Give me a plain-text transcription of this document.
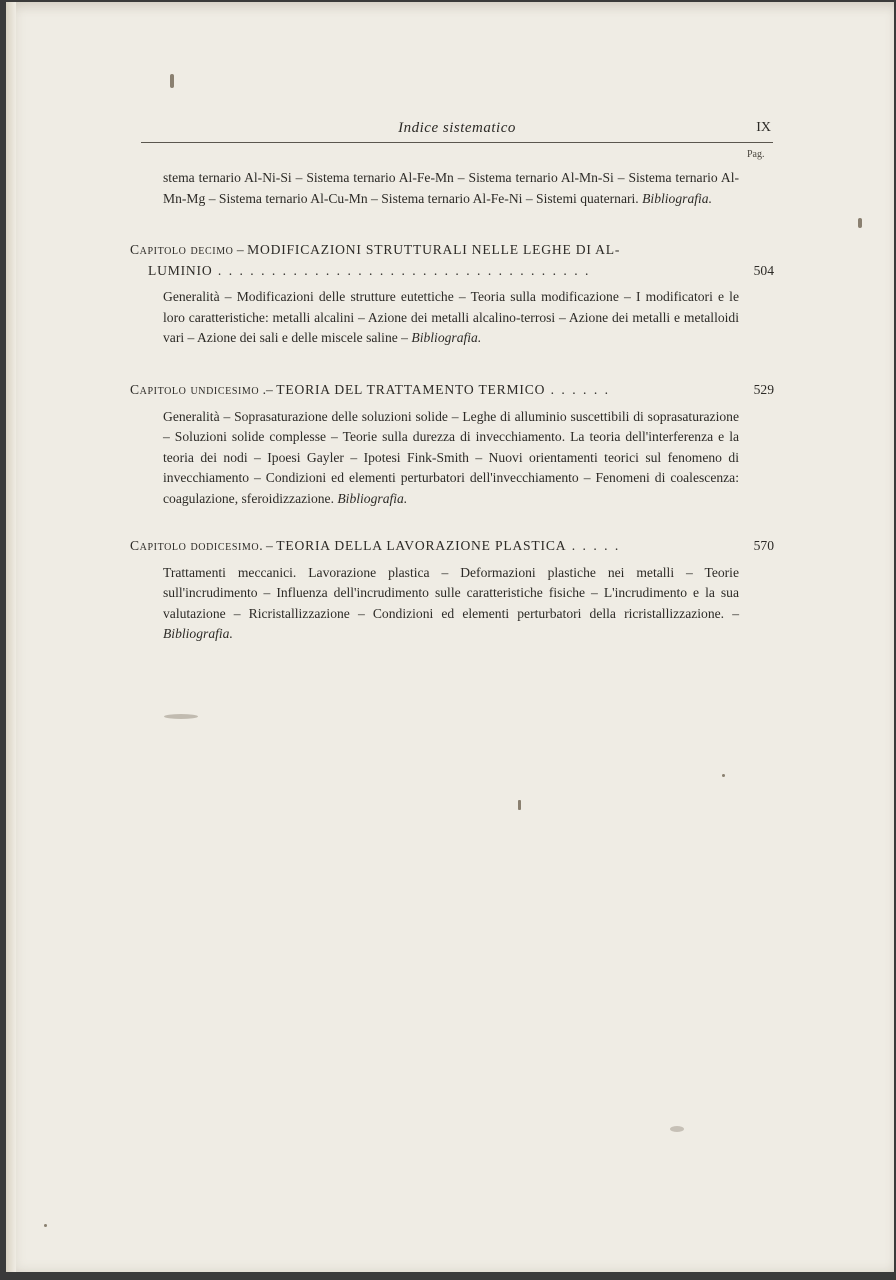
Indice sistematico	IX
Pag.
stema ternario Al-Ni-Si – Sistema ternario Al-Fe-Mn – Sistema ternario Al-Mn-Si – Sistema ternario Al-Mn-Mg – Sistema ternario Al-Cu-Mn – Sistema ternario Al-Fe-Ni – Sistemi quaternari. Bibliografia.
Capitolo decimo – MODIFICAZIONI STRUTTURALI NELLE LEGHE DI AL-
LUMINIO . . . . . . . . . . . . . . . . . . . . . . . . . . . . . . . . . . .	504
Generalità – Modificazioni delle strutture eutettiche – Teoria sulla modificazione – I modificatori e le loro caratteristiche: metalli alcalini – Azione dei metalli alcalino-terrosi – Azione dei metalli e metalloidi vari – Azione dei sali e delle miscele saline – Bibliografia.
Capitolo undicesimo .– TEORIA DEL TRATTAMENTO TERMICO . . . . . .	529
Generalità – Soprasaturazione delle soluzioni solide – Leghe di alluminio suscettibili di soprasaturazione – Soluzioni solide complesse – Teorie sulla durezza di invecchiamento. La teoria dell'interferenza e la teoria dei nodi – Ipoesi Gayler – Ipotesi Fink-Smith – Nuovi orientamenti teorici sul fenomeno di invecchiamento – Condizioni ed elementi perturbatori dell'invecchiamento – Fenomeni di coalescenza: coagulazione, sferoidizzazione. Bibliografia.
Capitolo dodicesimo. – TEORIA DELLA LAVORAZIONE PLASTICA . . . . .	570
Trattamenti meccanici. Lavorazione plastica – Deformazioni plastiche nei metalli – Teorie sull'incrudimento – Influenza dell'incrudimento sulle caratteristiche fisiche – L'incrudimento e la sua valutazione – Ricristallizzazione – Condizioni ed elementi perturbatori della ricristallizzazione. – Bibliografia.
